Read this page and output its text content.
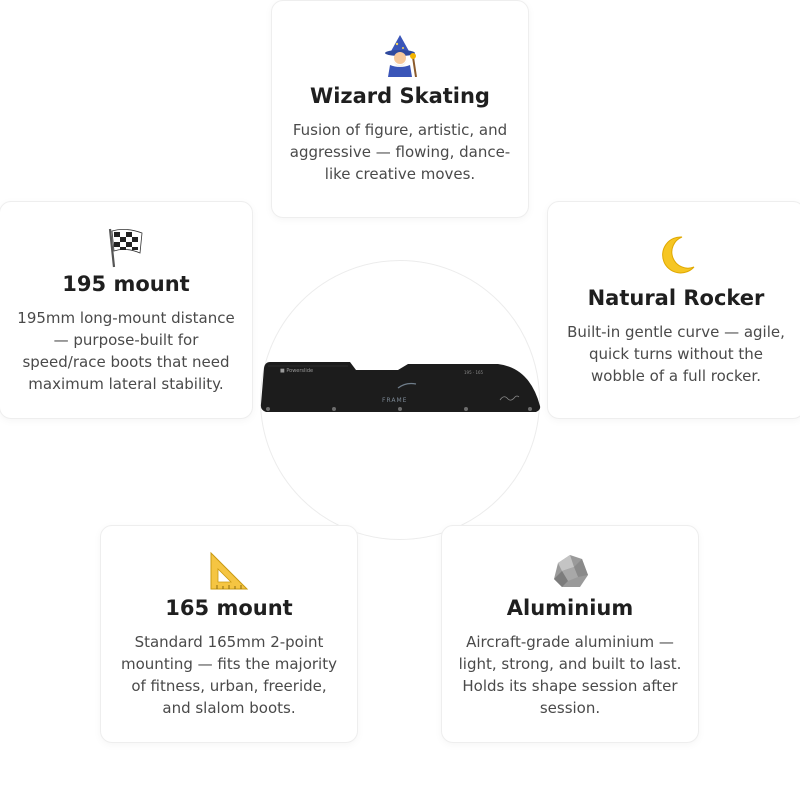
■ Powerslide	195 · 165
FRAME
Wizard Skating

Fusion of figure, artistic, and
aggressive — flowing, dance-
like creative moves.

195 mount

195mm long-mount distance
— purpose-built for
speed/race boots that need
maximum lateral stability.

Natural Rocker

Built-in gentle curve — agile,
quick turns without the
wobble of a full rocker.

165 mount

Standard 165mm 2-point
mounting — fits the majority
of fitness, urban, freeride,
and slalom boots.

Aluminium

Aircraft-grade aluminium —
light, strong, and built to last.
Holds its shape session after
session.
